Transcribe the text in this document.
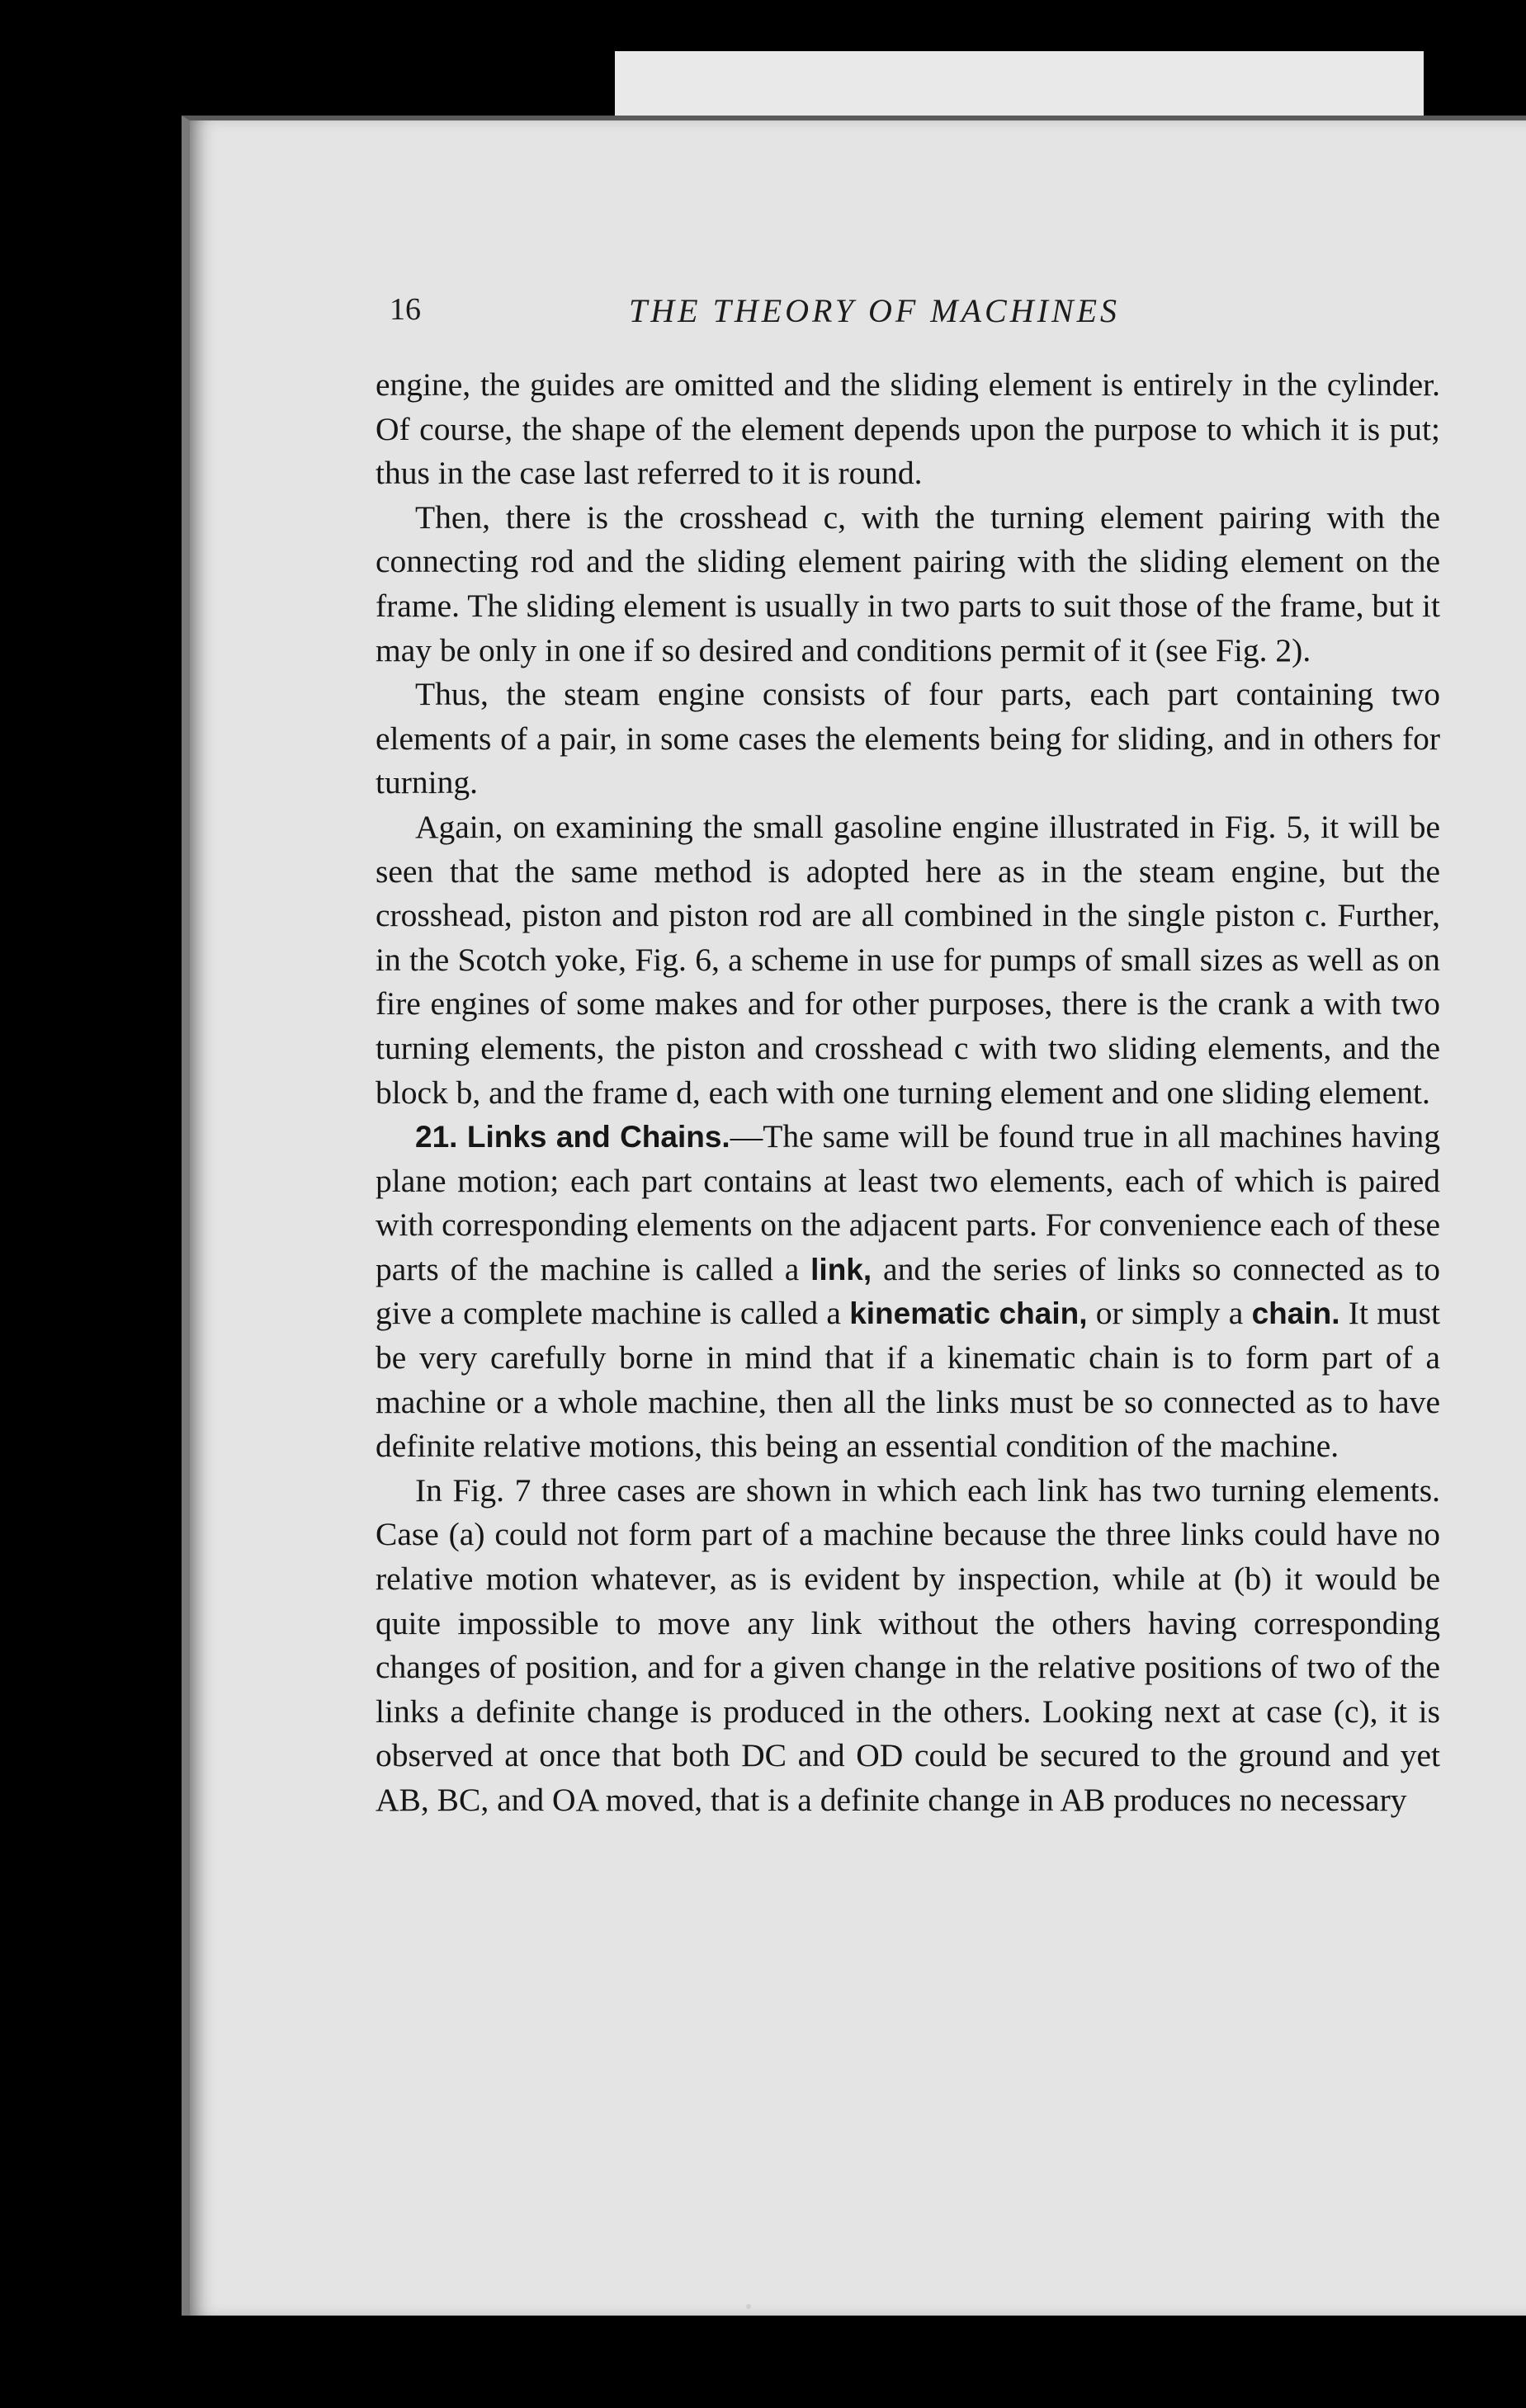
16	THE THEORY OF MACHINES

engine, the guides are omitted and the sliding element is entirely in the cylinder. Of course, the shape of the element depends upon the purpose to which it is put; thus in the case last referred to it is round.

Then, there is the crosshead c, with the turning element pairing with the connecting rod and the sliding element pairing with the sliding element on the frame. The sliding element is usually in two parts to suit those of the frame, but it may be only in one if so desired and conditions permit of it (see Fig. 2).

Thus, the steam engine consists of four parts, each part containing two elements of a pair, in some cases the elements being for sliding, and in others for turning.

Again, on examining the small gasoline engine illustrated in Fig. 5, it will be seen that the same method is adopted here as in the steam engine, but the crosshead, piston and piston rod are all combined in the single piston c. Further, in the Scotch yoke, Fig. 6, a scheme in use for pumps of small sizes as well as on fire engines of some makes and for other purposes, there is the crank a with two turning elements, the piston and crosshead c with two sliding elements, and the block b, and the frame d, each with one turning element and one sliding element.

21. Links and Chains.—The same will be found true in all machines having plane motion; each part contains at least two elements, each of which is paired with corresponding elements on the adjacent parts. For convenience each of these parts of the machine is called a link, and the series of links so connected as to give a complete machine is called a kinematic chain, or simply a chain. It must be very carefully borne in mind that if a kinematic chain is to form part of a machine or a whole machine, then all the links must be so connected as to have definite relative motions, this being an essential condition of the machine.

In Fig. 7 three cases are shown in which each link has two turning elements. Case (a) could not form part of a machine because the three links could have no relative motion whatever, as is evident by inspection, while at (b) it would be quite impossible to move any link without the others having corresponding changes of position, and for a given change in the relative positions of two of the links a definite change is produced in the others. Looking next at case (c), it is observed at once that both DC and OD could be secured to the ground and yet AB, BC, and OA moved, that is a definite change in AB produces no necessary
